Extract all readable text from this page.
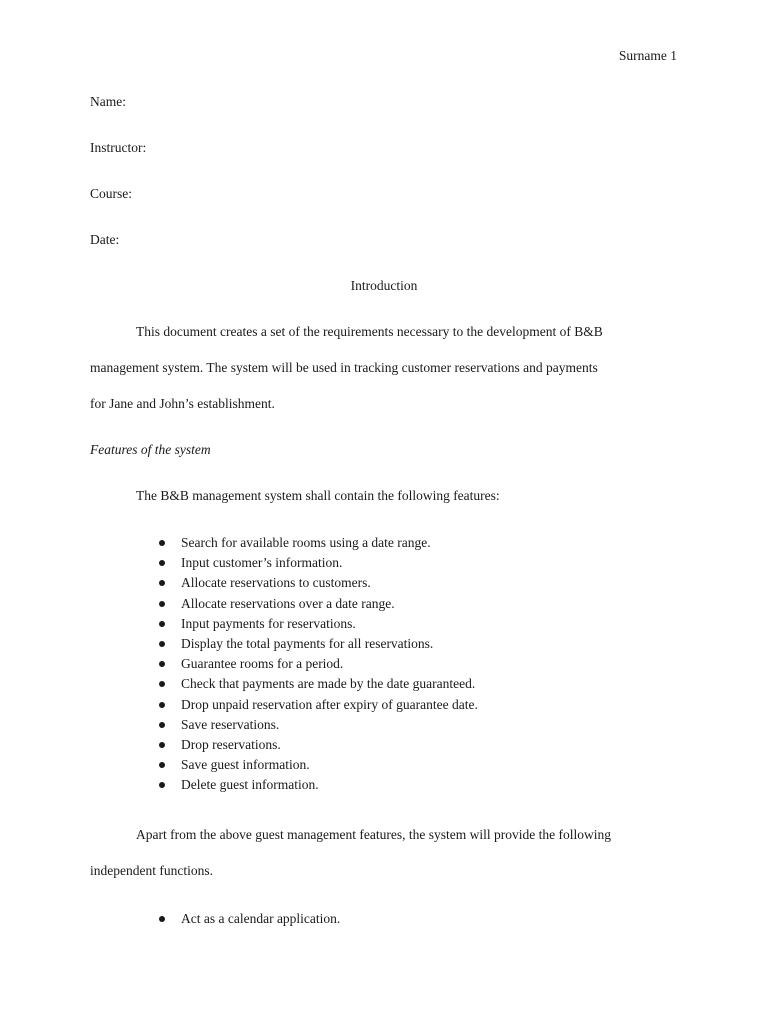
Surname 1
Name:
Instructor:
Course:
Date:
Introduction
This document creates a set of the requirements necessary to the development of B&B
management system. The system will be used in tracking customer reservations and payments
for Jane and John’s establishment.
Features of the system
The B&B management system shall contain the following features:
Search for available rooms using a date range.
Input customer’s information.
Allocate reservations to customers.
Allocate reservations over a date range.
Input payments for reservations.
Display the total payments for all reservations.
Guarantee rooms for a period.
Check that payments are made by the date guaranteed.
Drop unpaid reservation after expiry of guarantee date.
Save reservations.
Drop reservations.
Save guest information.
Delete guest information.
Apart from the above guest management features, the system will provide the following
independent functions.
Act as a calendar application.
